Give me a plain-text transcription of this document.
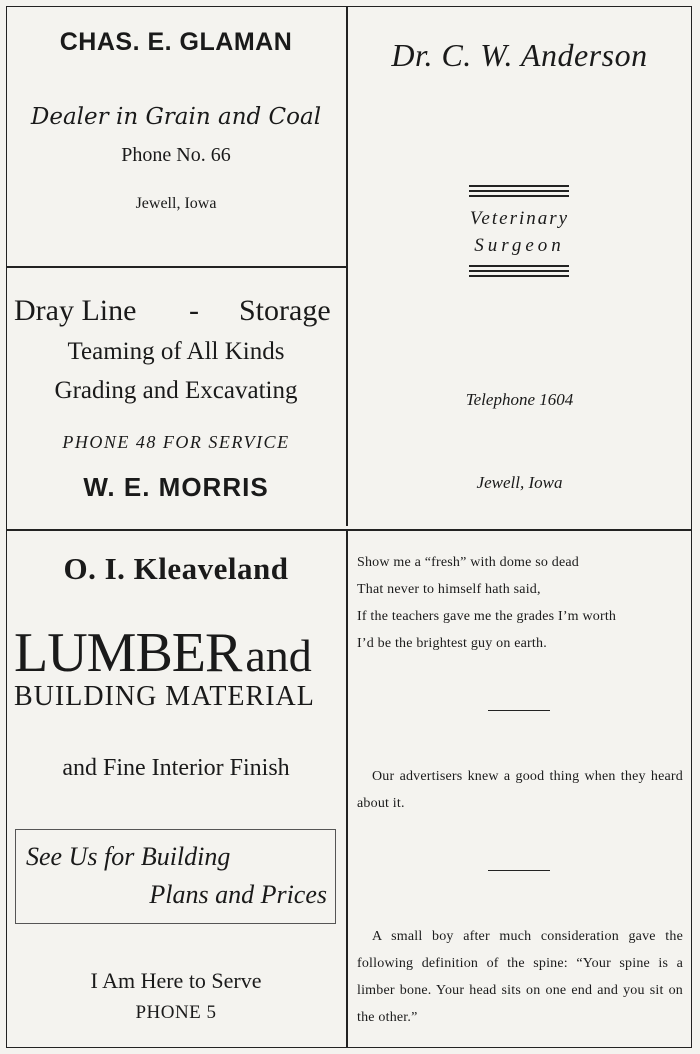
CHAS. E. GLAMAN
Dealer in Grain and Coal
Phone No. 66
Jewell, Iowa
Dr. C. W. Anderson
Veterinary
Surgeon
Telephone 1604
Jewell, Iowa
Dray Line - Storage
Teaming of All Kinds
Grading and Excavating
PHONE 48 FOR SERVICE
W. E. MORRIS
O. I. Kleaveland
LUMBER and
BUILDING MATERIAL
and Fine Interior Finish
See Us for Building
Plans and Prices
I Am Here to Serve
PHONE 5
Show me a “fresh” with dome so dead
That never to himself hath said,
If the teachers gave me the grades I’m worth
I’d be the brightest guy on earth.
Our advertisers knew a good thing when they heard about it.
A small boy after much consideration gave the following definition of the spine: “Your spine is a limber bone. Your head sits on one end and you sit on the other.”
